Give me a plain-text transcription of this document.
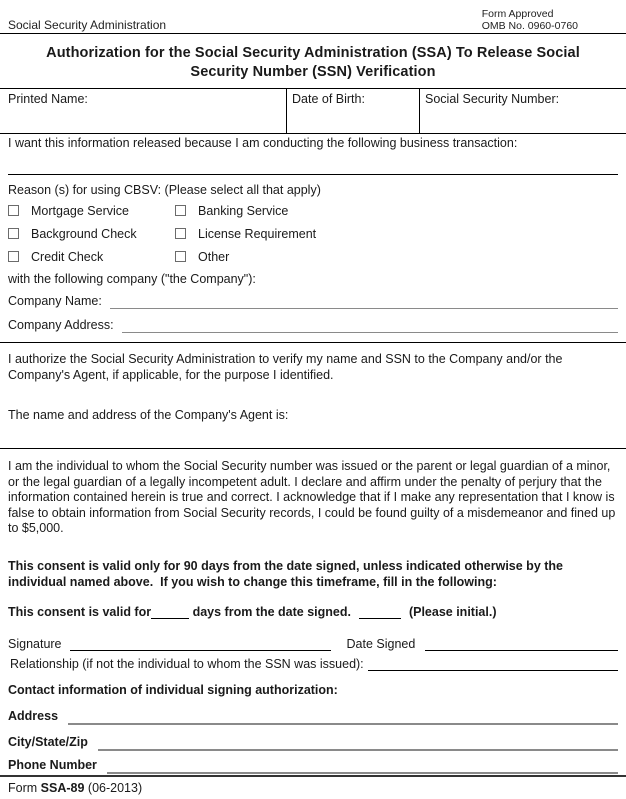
Social Security Administration
Form Approved
OMB No. 0960-0760
Authorization for the Social Security Administration (SSA) To Release Social Security Number (SSN) Verification
Printed Name:	Date of Birth:	Social Security Number:
I want this information released because I am conducting the following business transaction:
Reason (s) for using CBSV: (Please select all that apply)
Mortgage Service	Banking Service
Background Check	License Requirement
Credit Check	Other
with the following company ("the Company"):
Company Name:
Company Address:
I authorize the Social Security Administration to verify my name and SSN to the Company and/or the Company's Agent, if applicable, for the purpose I identified.
The name and address of the Company's Agent is:
I am the individual to whom the Social Security number was issued or the parent or legal guardian of a minor, or the legal guardian of a legally incompetent adult. I declare and affirm under the penalty of perjury that the information contained herein is true and correct. I acknowledge that if I make any representation that I know is false to obtain information from Social Security records, I could be found guilty of a misdemeanor and fined up to $5,000.
This consent is valid only for 90 days from the date signed, unless indicated otherwise by the individual named above.  If you wish to change this timeframe, fill in the following:
This consent is valid for	days from the date signed.	(Please initial.)
Signature	Date Signed
Relationship (if not the individual to whom the SSN was issued):
Contact information of individual signing authorization:
Address
City/State/Zip
Phone Number
Form SSA-89 (06-2013)
